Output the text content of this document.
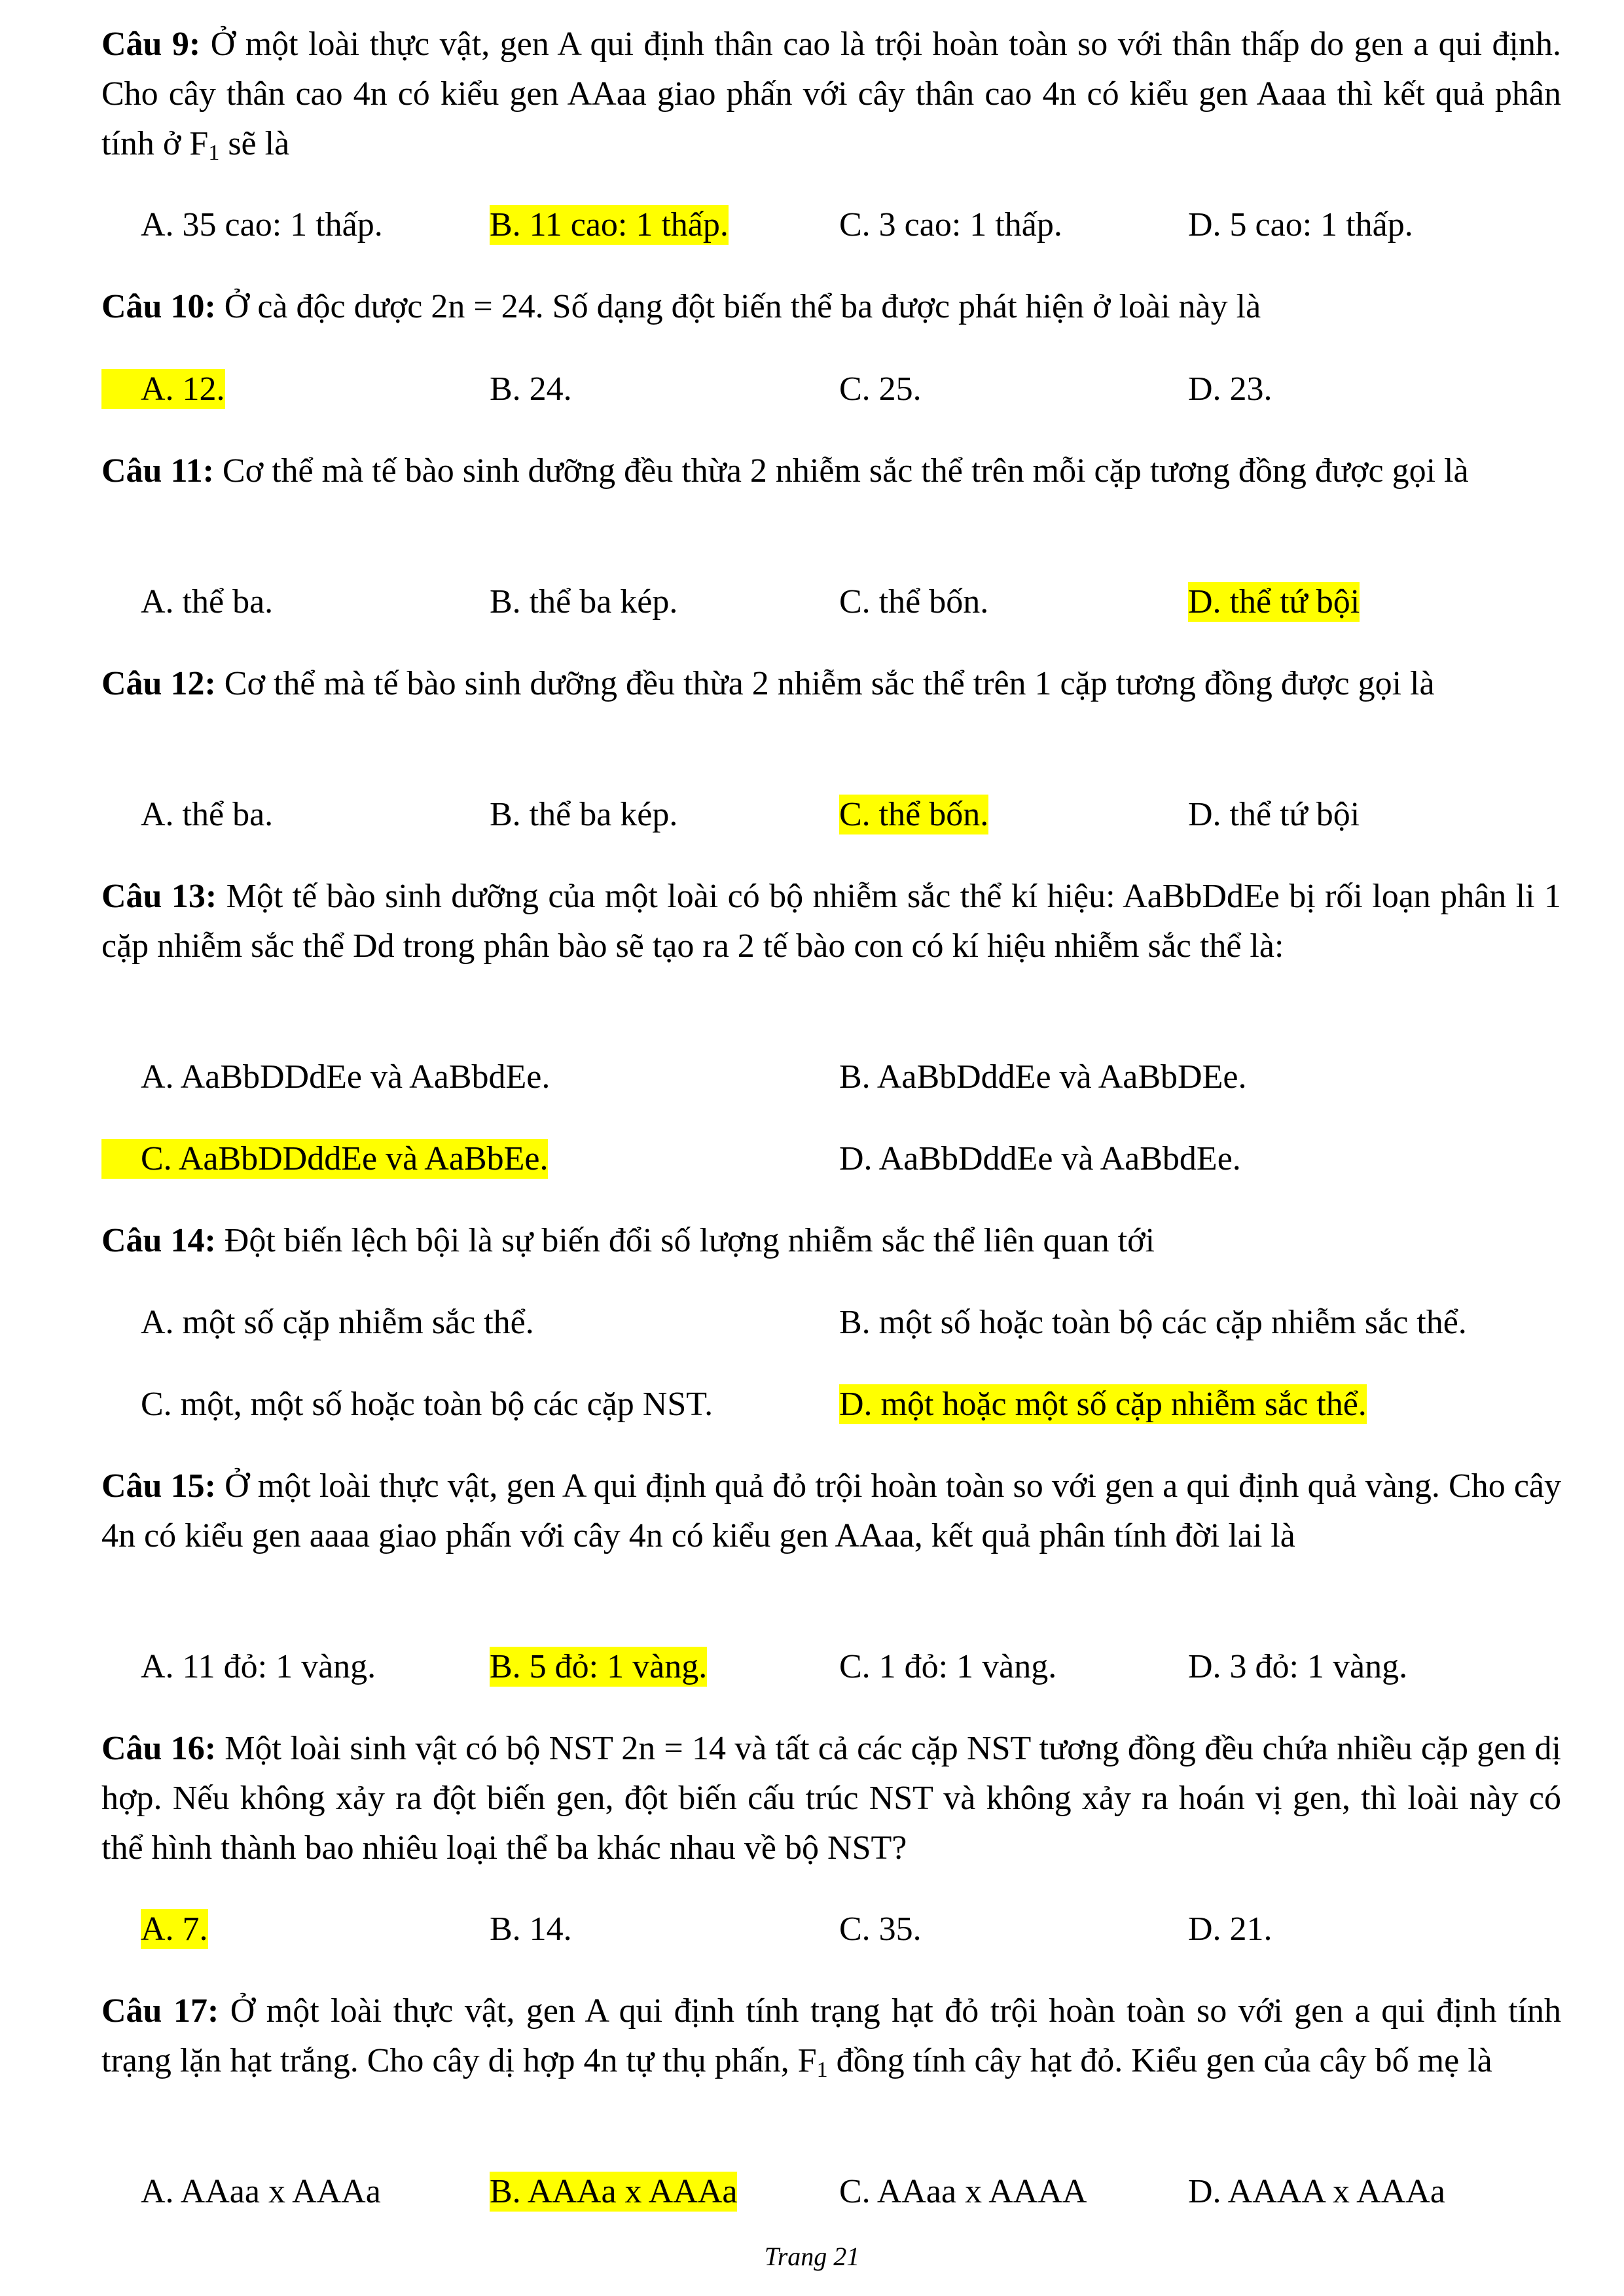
Câu 9: Ở một loài thực vật, gen A qui định thân cao là trội hoàn toàn so với thân thấp do gen a qui định. Cho cây thân cao 4n có kiểu gen AAaa giao phấn với cây thân cao 4n có kiểu gen Aaaa thì kết quả phân tính ở $F_1$ sẽ là
A. 35 cao: 1 thấp.	B. 11 cao: 1 thấp.	C. 3 cao: 1 thấp.	D. 5 cao: 1 thấp.
Câu 10: Ở cà độc dược 2n = 24. Số dạng đột biến thể ba được phát hiện ở loài này là
A. 12.	B. 24.	C. 25.	D. 23.
Câu 11: Cơ thể mà tế bào sinh dưỡng đều thừa 2 nhiễm sắc thể trên mỗi cặp tương đồng được gọi là
A. thể ba.	B. thể ba kép.	C. thể bốn.	D. thể tứ bội
Câu 12: Cơ thể mà tế bào sinh dưỡng đều thừa 2 nhiễm sắc thể trên 1 cặp tương đồng được gọi là
A. thể ba.	B. thể ba kép.	C. thể bốn.	D. thể tứ bội
Câu 13: Một tế bào sinh dưỡng của một loài có bộ nhiễm sắc thể kí hiệu: AaBbDdEe bị rối loạn phân li 1 cặp nhiễm sắc thể Dd trong phân bào sẽ tạo ra 2 tế bào con có kí hiệu nhiễm sắc thể là:
A. AaBbDDdEe và AaBbdEe.	B. AaBbDddEe và AaBbDEe.
C. AaBbDDddEe và AaBbEe.	D. AaBbDddEe và AaBbdEe.
Câu 14: Đột biến lệch bội là sự biến đổi số lượng nhiễm sắc thể liên quan tới
A. một số cặp nhiễm sắc thể.	B. một số hoặc toàn bộ các cặp nhiễm sắc thể.
C. một, một số hoặc toàn bộ các cặp NST.	D. một hoặc một số cặp nhiễm sắc thể.
Câu 15: Ở một loài thực vật, gen A qui định quả đỏ trội hoàn toàn so với gen a qui định quả vàng. Cho cây 4n có kiểu gen aaaa giao phấn với cây 4n có kiểu gen AAaa, kết quả phân tính đời lai là
A. 11 đỏ: 1 vàng.	B. 5 đỏ: 1 vàng.	C. 1 đỏ: 1 vàng.	D. 3 đỏ: 1 vàng.
Câu 16: Một loài sinh vật có bộ NST 2n = 14 và tất cả các cặp NST tương đồng đều chứa nhiều cặp gen dị hợp. Nếu không xảy ra đột biến gen, đột biến cấu trúc NST và không xảy ra hoán vị gen, thì loài này có thể hình thành bao nhiêu loại thể ba khác nhau về bộ NST?
A. 7.	B. 14.	C. 35.	D. 21.
Câu 17: Ở một loài thực vật, gen A qui định tính trạng hạt đỏ trội hoàn toàn so với gen a qui định tính trạng lặn hạt trắng. Cho cây dị hợp 4n tự thụ phấn, $F_1$ đồng tính cây hạt đỏ. Kiểu gen của cây bố mẹ là
A. AAaa x AAAa	B. AAAa x AAAa	C. AAaa x AAAA	D. AAAA x AAAa
Trang 21
